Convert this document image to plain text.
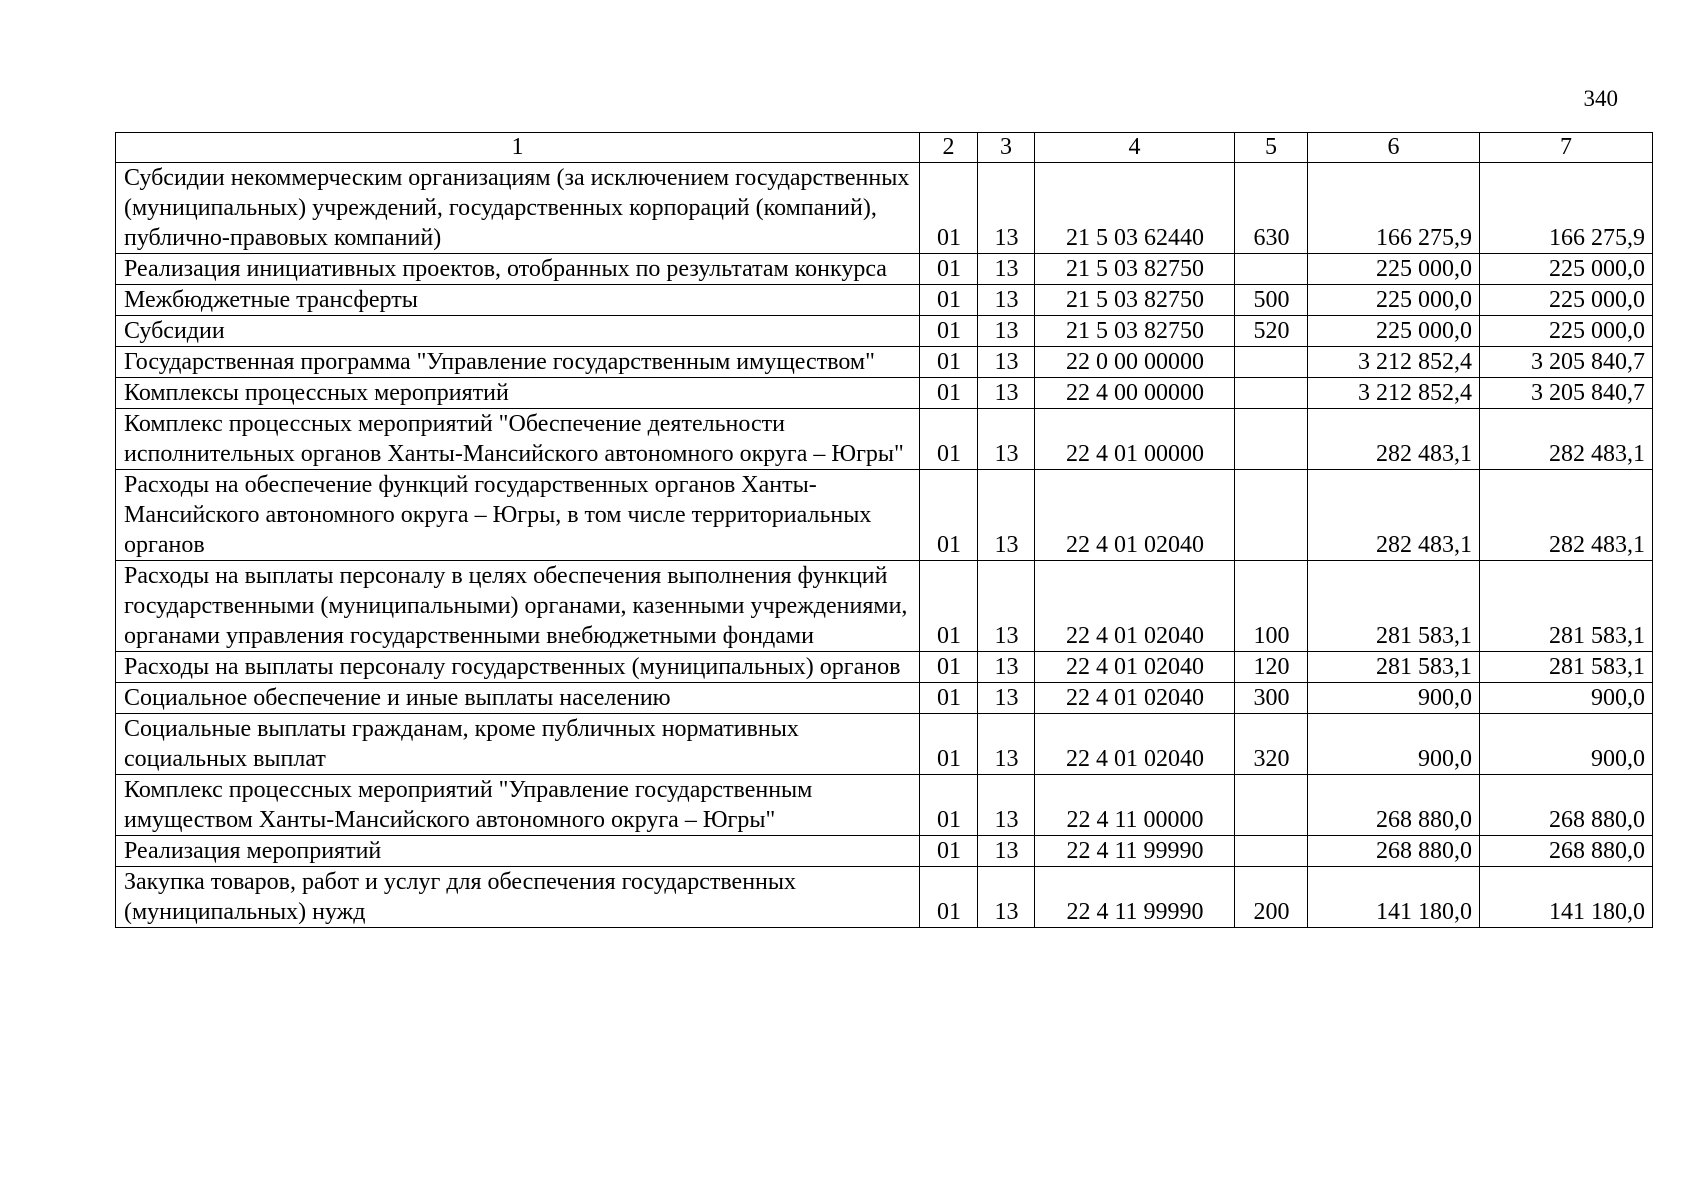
340
1	2	3	4	5	6	7
Субсидии некоммерческим организациям (за исключением государственных (муниципальных) учреждений, государственных корпораций (компаний), публично-правовых компаний)	01	13	21 5 03 62440	630	166 275,9	166 275,9
Реализация инициативных проектов, отобранных по результатам конкурса	01	13	21 5 03 82750		225 000,0	225 000,0
Межбюджетные трансферты	01	13	21 5 03 82750	500	225 000,0	225 000,0
Субсидии	01	13	21 5 03 82750	520	225 000,0	225 000,0
Государственная программа "Управление государственным имуществом"	01	13	22 0 00 00000		3 212 852,4	3 205 840,7
Комплексы процессных мероприятий	01	13	22 4 00 00000		3 212 852,4	3 205 840,7
Комплекс процессных мероприятий "Обеспечение деятельности исполнительных органов Ханты-Мансийского автономного округа – Югры"	01	13	22 4 01 00000		282 483,1	282 483,1
Расходы на обеспечение функций государственных органов Ханты-Мансийского автономного округа – Югры, в том числе территориальных органов	01	13	22 4 01 02040		282 483,1	282 483,1
Расходы на выплаты персоналу в целях обеспечения выполнения функций государственными (муниципальными) органами, казенными учреждениями, органами управления государственными внебюджетными фондами	01	13	22 4 01 02040	100	281 583,1	281 583,1
Расходы на выплаты персоналу государственных (муниципальных) органов	01	13	22 4 01 02040	120	281 583,1	281 583,1
Социальное обеспечение и иные выплаты населению	01	13	22 4 01 02040	300	900,0	900,0
Социальные выплаты гражданам, кроме публичных нормативных социальных выплат	01	13	22 4 01 02040	320	900,0	900,0
Комплекс процессных мероприятий "Управление государственным имуществом Ханты-Мансийского автономного округа – Югры"	01	13	22 4 11 00000		268 880,0	268 880,0
Реализация мероприятий	01	13	22 4 11 99990		268 880,0	268 880,0
Закупка товаров, работ и услуг для обеспечения государственных (муниципальных) нужд	01	13	22 4 11 99990	200	141 180,0	141 180,0
